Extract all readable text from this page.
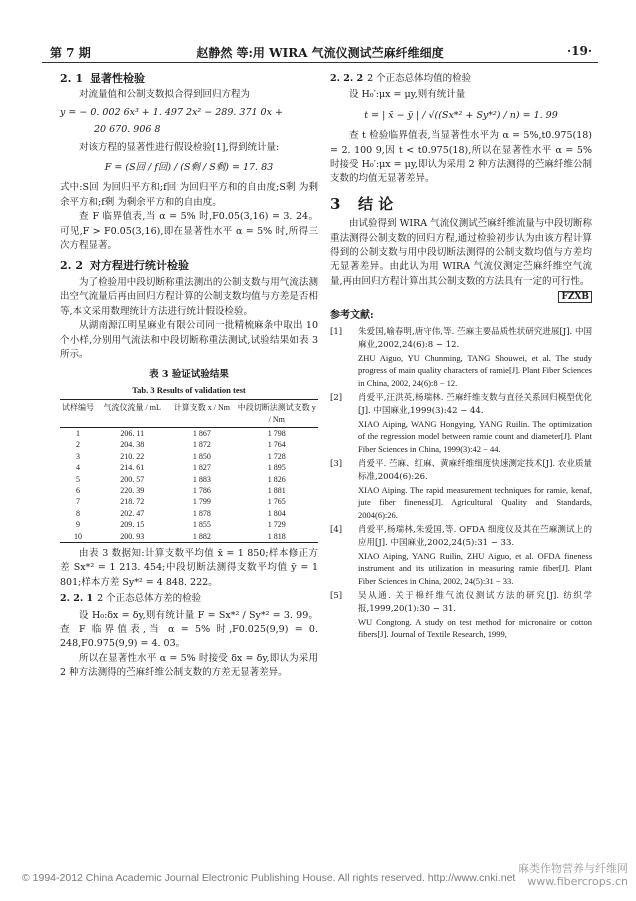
第 7 期	赵静然 等:用 WIRA 气流仪测试苎麻纤维细度	·19·
2. 1 显著性检验

对流量值和公制支数拟合得到回归方程为

y = − 0. 002 6x³ + 1. 497 2x² − 289. 371 0x +
20 670. 906 8

对该方程的显著性进行假设检验[1],得到统计量:

F = (S回 / f回) / (S剩 / S剩) = 17. 83

式中:S回 为回归平方和;f回 为回归平方和的自由度;S剩 为剩余平方和;f剩 为剩余平方和的自由度。

查 F 临界值表,当 α = 5% 时,F0.05(3,16) = 3. 24。可见,F > F0.05(3,16),即在显著性水平 α = 5% 时,所得三次方程显著。

2. 2 对方程进行统计检验

为了检验用中段切断称重法测出的公制支数与用气流法测出空气流量后再由回归方程计算的公制支数均值与方差是否相等,本文采用数理统计方法进行统计假设检验。

从湖南源江明星麻业有限公司同一批精梳麻条中取出 10 个小样,分别用气流法和中段切断称重法测试,试验结果如表 3 所示。

表 3 验证试验结果
Tab. 3 Results of validation test
试样编号	气流仪流量 / mL	计算支数 x / Nm	中段切断法测试支数 y / Nm
1	206. 11	1 867	1 798
2	204. 38	1 872	1 764
3	210. 22	1 850	1 728
4	214. 61	1 827	1 895
5	200. 57	1 883	1 826
6	220. 39	1 786	1 881
7	218. 72	1 799	1 765
8	202. 47	1 878	1 804
9	209. 15	1 855	1 729
10	200. 93	1 882	1 818

由表 3 数据知:计算支数平均值 x̄ = 1 850;样本修正方差 Sx*² = 1 213. 454;中段切断法测得支数平均值 ȳ = 1 801;样本方差 Sy*² = 4 848. 222。

2. 2. 1 2 个正态总体方差的检验

设 H₀:δx = δy,则有统计量 F = Sx*² / Sy*² = 3. 99。查 F 临界值表,当 α = 5% 时,F0.025(9,9) = 0. 248,F0.975(9,9) = 4. 03。

所以在显著性水平 α = 5% 时接受 δx = δy,即认为采用 2 种方法测得的苎麻纤维公制支数的方差无显著差异。

2. 2. 2 2 个正态总体均值的检验

设 H₀′:μx = μy,则有统计量

t = | x̄ − ȳ | / √((Sx*² + Sy*²) / n) = 1. 99

查 t 检验临界值表,当显著性水平为 α = 5%,t0.975(18) = 2. 100 9,因 t < t0.975(18),所以在显著性水平 α = 5% 时接受 H₀′:μx = μy,即认为采用 2 种方法测得的苎麻纤维公制支数的均值无显著差异。

3 结 论

由试验得到 WIRA 气流仪测试苎麻纤维流量与中段切断称重法测得公制支数的回归方程,通过检验初步认为由该方程计算得到的公制支数与用中段切断法测得的公制支数均值与方差均无显著差异。由此认为用 WIRA 气流仪测定苎麻纤维空气流量,再由回归方程计算出其公制支数的方法具有一定的可行性。

FZXB
参考文献:
[1] 朱爱国,喻春明,唐守伟,等. 苎麻主要品质性状研究进展[J]. 中国麻业,2002,24(6):8 − 12.
ZHU Aiguo, YU Chunming, TANG Shouwei, et al. The study progress of main quality characters of ramie[J]. Plant Fiber Sciences in China, 2002, 24(6):8 − 12.
[2] 肖爱平,汪洪英,杨瑞林. 苎麻纤维支数与直径关系回归模型优化[J]. 中国麻业,1999(3):42 − 44.
XIAO Aiping, WANG Hongying, YANG Ruilin. The optimization of the regression model between ramie count and diameter[J]. Plant Fiber Sciences in China, 1999(3):42 − 44.
[3] 肖爱平. 苎麻、红麻、黄麻纤维细度快速测定技术[J]. 农业质量标准,2004(6):26.
XIAO Aiping. The rapid measurement techniques for ramie, kenaf, jute fiber fineness[J]. Agricultural Quality and Standards, 2004(6):26.
[4] 肖爱平,杨瑞林,朱爱国,等. OFDA 细度仪及其在苎麻测试上的应用[J]. 中国麻业,2002,24(5):31 − 33.
XIAO Aiping, YANG Ruilin, ZHU Aiguo, et al. OFDA fineness instrument and its utilization in measuring ramie fiber[J]. Plant Fiber Sciences in China, 2002, 24(5):31 − 33.
[5] 吴从通. 关于棉纤维气流仪测试方法的研究[J]. 纺织学报,1999,20(1):30 − 31.
WU Congtong. A study on test method for micronaire or cotton fibers[J]. Journal of Textile Research, 1999,
© 1994-2012 China Academic Journal Electronic Publishing House. All rights reserved. http://www.cnki.net
麻类作物营养与纤维网
www.fibercrops.cn
